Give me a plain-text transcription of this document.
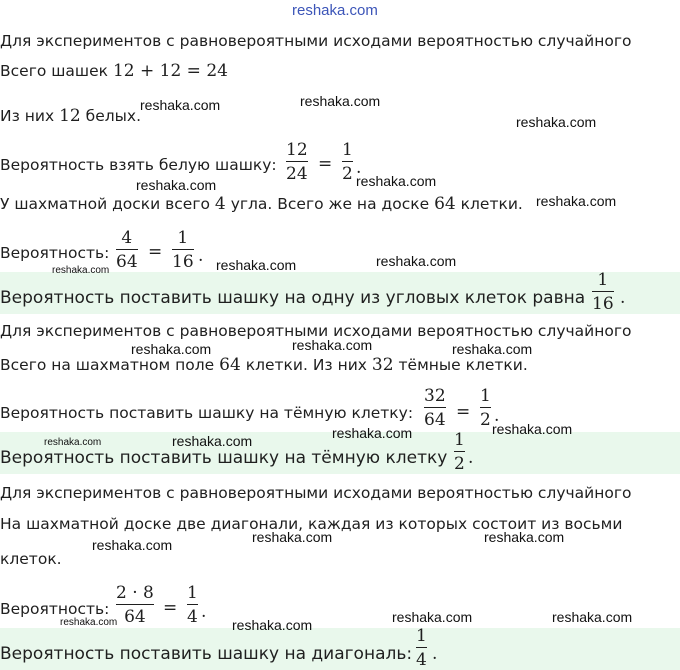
reshaka.com
Для экспериментов с равновероятными исходами вероятностью случайного
Всего шашек 12 + 12 = 24
Из них 12 белых.
Вероятность взять белую шашку:
12
24 =
1
2 .
У шахматной доски всего 4 угла. Всего же на доске 64 клетки.
Вероятность:
4
64 =
1
16 .
Вероятность поставить шашку на одну из угловых клеток равна
1
16 .
Для экспериментов с равновероятными исходами вероятностью случайного
Всего на шахматном поле 64 клетки. Из них 32 тёмные клетки.
Вероятность поставить шашку на тёмную клетку:
32
64 =
1
2 .
Вероятность поставить шашку на тёмную клетку
1
2 .
Для экспериментов с равновероятными исходами вероятностью случайного
На шахматной доске две диагонали, каждая из которых состоит из восьми
клеток.
Вероятность:
2 · 8
64	=
1
4 .
Вероятность поставить шашку на диагональ:
1
4 .
reshaka.com	reshaka.com
reshaka.com
reshaka.com	reshaka.com
reshaka.com
reshaka.com	reshaka.com	reshaka.com
reshaka.com	reshaka.com	reshaka.com
reshaka.com	reshaka.com	reshaka.com	reshaka.com
reshaka.com	reshaka.com	reshaka.com
reshaka.com	reshaka.com
reshaka.com	reshaka.com
